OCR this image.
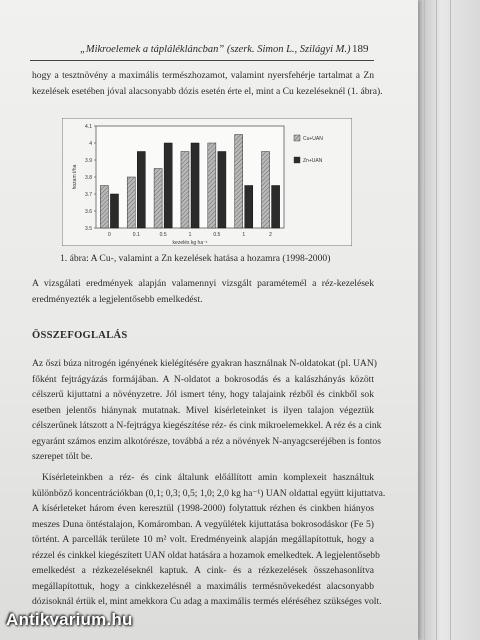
„Mikroelemek a táplálékláncban” (szerk. Simon L., Szilágyi M.) 189
hogy a tesztnövény a maximális természhozamot, valamint nyersfehérje tartalmat a Zn
kezelések esetében jóval alacsonyabb dózis esetén érte el, mint a Cu kezeléseknél (1. ábra).
3.5
3.6
3.7
3.8
3.9
4
4.1
hozam t/ha
0	0.1	0.5	1	0.5	1	2
kezelés kg ha⁻¹
Cu+UAN
Zn+UAN
1. ábra: A Cu-, valamint a Zn kezelések hatása a hozamra (1998-2000)
A vizsgálati eredmények alapján valamennyi vizsgált paramétemél a réz-kezelések
eredményezték a legjelentősebb emelkedést.
ÖSSZEFOGLALÁS
Az őszi búza nitrogén igényének kielégítésére gyakran használnak N-oldatokat (pl. UAN)
főként fejtrágyázás formájában. A N-oldatot a bokrosodás és a kalászhányás között
célszerű kijuttatni a növényzetre. Jól ismert tény, hogy talajaink rézből és cinkből sok
esetben jelentős hiánynak mutatnak. Mivel kísérleteinket is ilyen talajon végeztük
célszerűnek látszott a N-fejtrágya kiegészítése réz- és cink mikroelemekkel. A réz és a cink
egyaránt számos enzim alkotórésze, továbbá a réz a növények N-anyagcseréjében is fontos
szerepet tölt be.
Kísérleteinkben a réz- és cink általunk előállított amin komplexeit használtuk
különböző koncentrációkban (0,1; 0,3; 0,5; 1,0; 2,0 kg ha⁻¹) UAN oldattal együtt kijuttatva.
A kísérleteket három éven keresztül (1998-2000) folytattuk rézhen és cinkben hiányos
meszes Duna öntéstalajon, Komáromban. A vegyülétek kijuttatása bokrosodáskor (Fe 5)
történt. A parcellák területe 10 m² volt. Eredményeink alapján megállapítottuk, hogy a
rézzel és cinkkel kiegészített UAN oldat hatására a hozamok emelkedtek. A legjelentősebb
emelkedést a rézkezeléseknél kaptuk. A cink- és a rézkezelések összehasonlítva
megállapítottuk, hogy a cinkkezelésnél a maximális termésnövekedést alacsonyabb
dózisoknál értük el, mint amekkora Cu adag a maximális termés eléréséhez szükséges volt.
Antikvarium.hu
